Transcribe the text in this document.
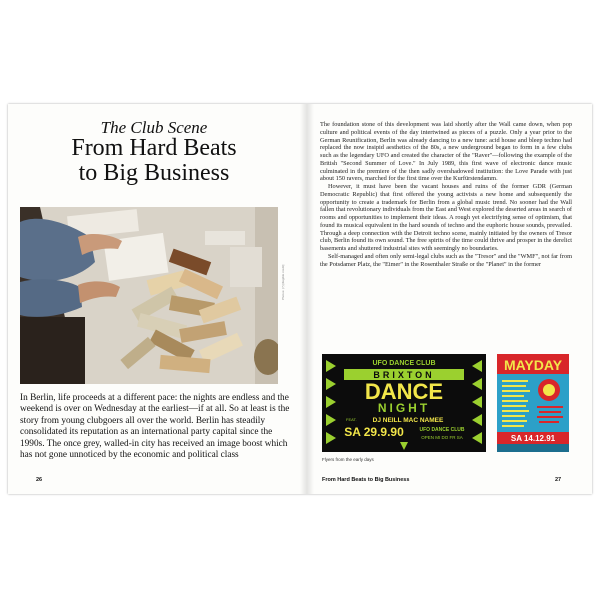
The Club Scene
From Hard Beats
to Big Business
Photos: (?) [illegible credit]

In Berlin, life proceeds at a different pace: the nights are endless and the weekend is over on Wednesday at the earliest—if at all. So at least is the story from young clubgoers all over the world. Berlin has steadily consolidated its reputation as an international party capital since the 1990s. The once grey, walled-in city has received an image boost which has not gone unnoticed by the economic and political class

26

The foundation stone of this development was laid shortly after the Wall came down, when pop culture and political events of the day intertwined as pieces of a puzzle. Only a year prior to the German Reunification, Berlin was already dancing to a new tune: acid house and bleep techno had replaced the now insipid aesthetics of the 80s, a new underground began to form in a few clubs such as the legendary UFO and created the character of the "Raver"—following the example of the British "Second Summer of Love." In July 1989, this first wave of electronic dance music culminated in the premiere of the then sadly overshadowed institution: the Love Parade with just about 150 ravers, marched for the first time over the Kurfürstendamm.

However, it must have been the vacant houses and ruins of the former GDR (German Democratic Republic) that first offered the young activists a new home and subsequently the opportunity to create a trademark for Berlin from a global music trend. No sooner had the Wall fallen that revolutionary individuals from the East and West explored the deserted areas in search of rooms and opportunities to implement their ideas. A rough yet electrifying sense of optimism, that found its musical equivalent in the hard sounds of techno and the euphoric house sounds, prevailed. Through a deep connection with the Detroit techno scene, mainly initiated by the owners of Tresor club, Berlin found its own sound. The free spirits of the time could thrive and prosper in the derelict basements and shuttered industrial sites with seemingly no boundaries.

Self-managed and often only semi-legal clubs such as the "Tresor" and the "WMF", not far from the Potsdamer Platz, the "Eimer" in the Rosenthaler Straße or the "Planet" in the former

UFO DANCE CLUB
BRIXTON
DANCE
NIGHT
FEAT. DJ NEILL MAC NAMEE
SA 29.9.90	UFO DANCE CLUB
OPEN MI DO FR SA
MAYDAY
SA 14.12.91
Flyers from the early days
From Hard Beats to Big Business	27
